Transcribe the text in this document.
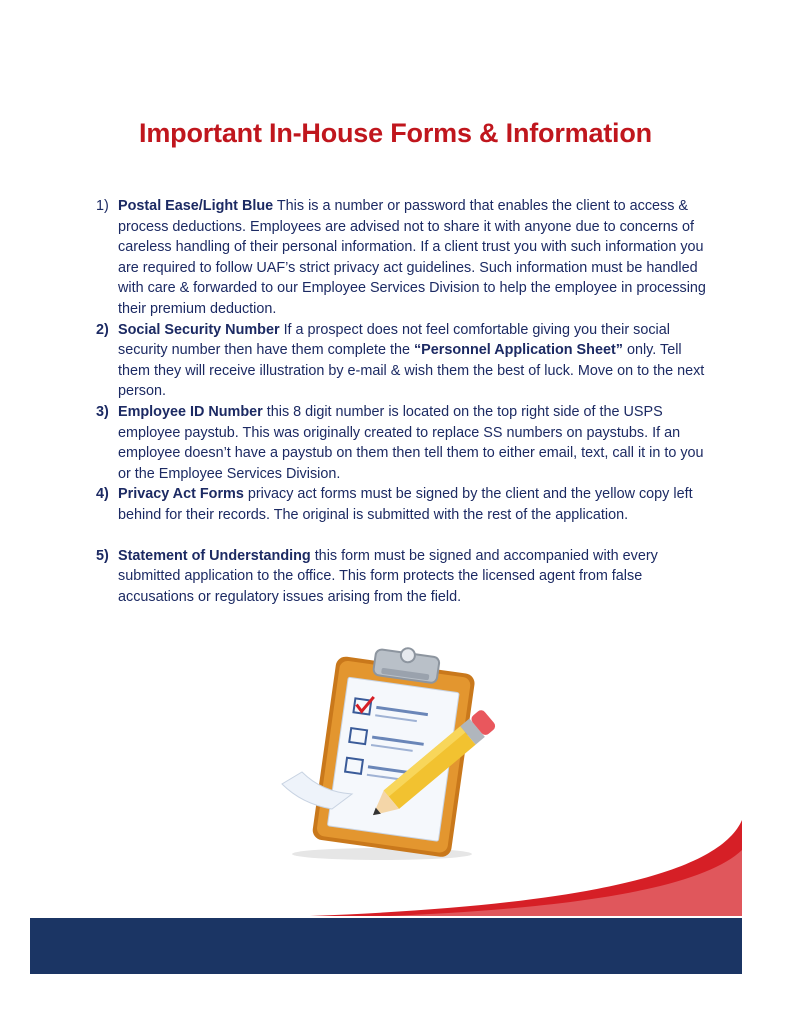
Important In-House Forms & Information
1) Postal Ease/Light Blue This is a number or password that enables the client to access & process deductions. Employees are advised not to share it with anyone due to concerns of careless handling of their personal information. If a client trust you with such information you are required to follow UAF’s strict privacy act guidelines. Such information must be handled with care & forwarded to our Employee Services Division to help the employee in processing their premium deduction.
2) Social Security Number If a prospect does not feel comfortable giving you their social security number then have them complete the “Personnel Application Sheet” only. Tell them they will receive illustration by e-mail & wish them the best of luck. Move on to the next person.
3) Employee ID Number this 8 digit number is located on the top right side of the USPS employee paystub. This was originally created to replace SS numbers on paystubs. If an employee doesn’t have a paystub on them then tell them to either email, text, call it in to you or the Employee Services Division.
4) Privacy Act Forms privacy act forms must be signed by the client and the yellow copy left behind for their records. The original is submitted with the rest of the application.
5) Statement of Understanding this form must be signed and accompanied with every submitted application to the office. This form protects the licensed agent from false accusations or regulatory issues arising from the field.
